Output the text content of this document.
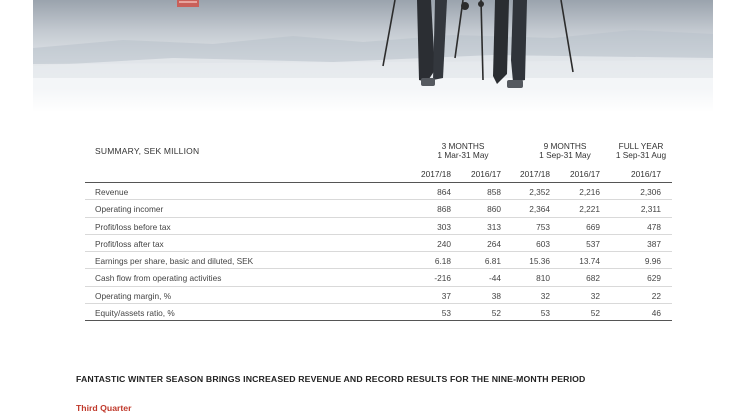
SUMMARY, SEK MILLION	3 MONTHS
1 Mar-31 May
9 MONTHS
1 Sep-31 May
FULL YEAR
1 Sep-31 Aug
2017/18	2016/17	2017/18	2016/17	2016/17
Revenue	864	858	2,352	2,216	2,306
Operating incomer	868	860	2,364	2,221	2,311
Profit/loss before tax	303	313	753	669	478
Profit/loss after tax	240	264	603	537	387
Earnings per share, basic and diluted, SEK	6.18	6.81	15.36	13.74	9.96
Cash flow from operating activities	-216	-44	810	682	629
Operating margin, %	37	38	32	32	22
Equity/assets ratio, %	53	52	53	52	46
FANTASTIC WINTER SEASON BRINGS INCREASED REVENUE AND RECORD RESULTS FOR THE NINE-MONTH PERIOD
Third Quarter
